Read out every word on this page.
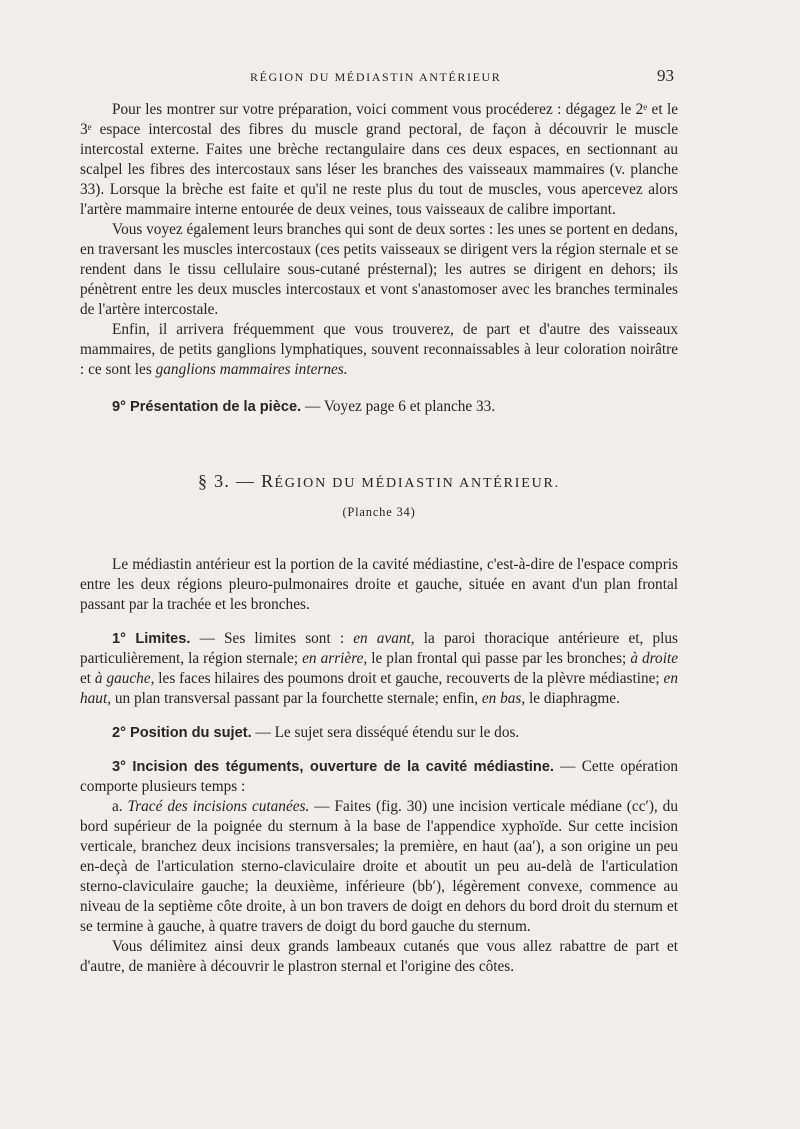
RÉGION DU MÉDIASTIN ANTÉRIEUR	93

Pour les montrer sur votre préparation, voici comment vous procéderez : dégagez le 2ᵉ et le 3ᵉ espace intercostal des fibres du muscle grand pectoral, de façon à découvrir le muscle intercostal externe. Faites une brèche rectangulaire dans ces deux espaces, en sectionnant au scalpel les fibres des intercostaux sans léser les branches des vaisseaux mammaires (v. planche 33). Lorsque la brèche est faite et qu'il ne reste plus du tout de muscles, vous apercevez alors l'artère mammaire interne entourée de deux veines, tous vaisseaux de calibre important.

Vous voyez également leurs branches qui sont de deux sortes : les unes se portent en dedans, en traversant les muscles intercostaux (ces petits vaisseaux se dirigent vers la région sternale et se rendent dans le tissu cellulaire sous-cutané présternal); les autres se dirigent en dehors; ils pénètrent entre les deux muscles intercostaux et vont s'anastomoser avec les branches terminales de l'artère intercostale.

Enfin, il arrivera fréquemment que vous trouverez, de part et d'autre des vaisseaux mammaires, de petits ganglions lymphatiques, souvent reconnaissables à leur coloration noirâtre : ce sont les ganglions mammaires internes.

9° Présentation de la pièce. — Voyez page 6 et planche 33.

§ 3. — RÉGION DU MÉDIASTIN ANTÉRIEUR.
(Planche 34)

Le médiastin antérieur est la portion de la cavité médiastine, c'est-à-dire de l'espace compris entre les deux régions pleuro-pulmonaires droite et gauche, située en avant d'un plan frontal passant par la trachée et les bronches.

1° Limites. — Ses limites sont : en avant, la paroi thoracique antérieure et, plus particulièrement, la région sternale; en arrière, le plan frontal qui passe par les bronches; à droite et à gauche, les faces hilaires des poumons droit et gauche, recouverts de la plèvre médiastine; en haut, un plan transversal passant par la fourchette sternale; enfin, en bas, le diaphragme.

2° Position du sujet. — Le sujet sera disséqué étendu sur le dos.

3° Incision des téguments, ouverture de la cavité médiastine. — Cette opération comporte plusieurs temps :

a. Tracé des incisions cutanées. — Faites (fig. 30) une incision verticale médiane (cc′), du bord supérieur de la poignée du sternum à la base de l'appendice xyphoïde. Sur cette incision verticale, branchez deux incisions transversales; la première, en haut (aa′), a son origine un peu en-deçà de l'articulation sterno-claviculaire droite et aboutit un peu au-delà de l'articulation sterno-claviculaire gauche; la deuxième, inférieure (bb′), légèrement convexe, commence au niveau de la septième côte droite, à un bon travers de doigt en dehors du bord droit du sternum et se termine à gauche, à quatre travers de doigt du bord gauche du sternum.

Vous délimitez ainsi deux grands lambeaux cutanés que vous allez rabattre de part et d'autre, de manière à découvrir le plastron sternal et l'origine des côtes.
